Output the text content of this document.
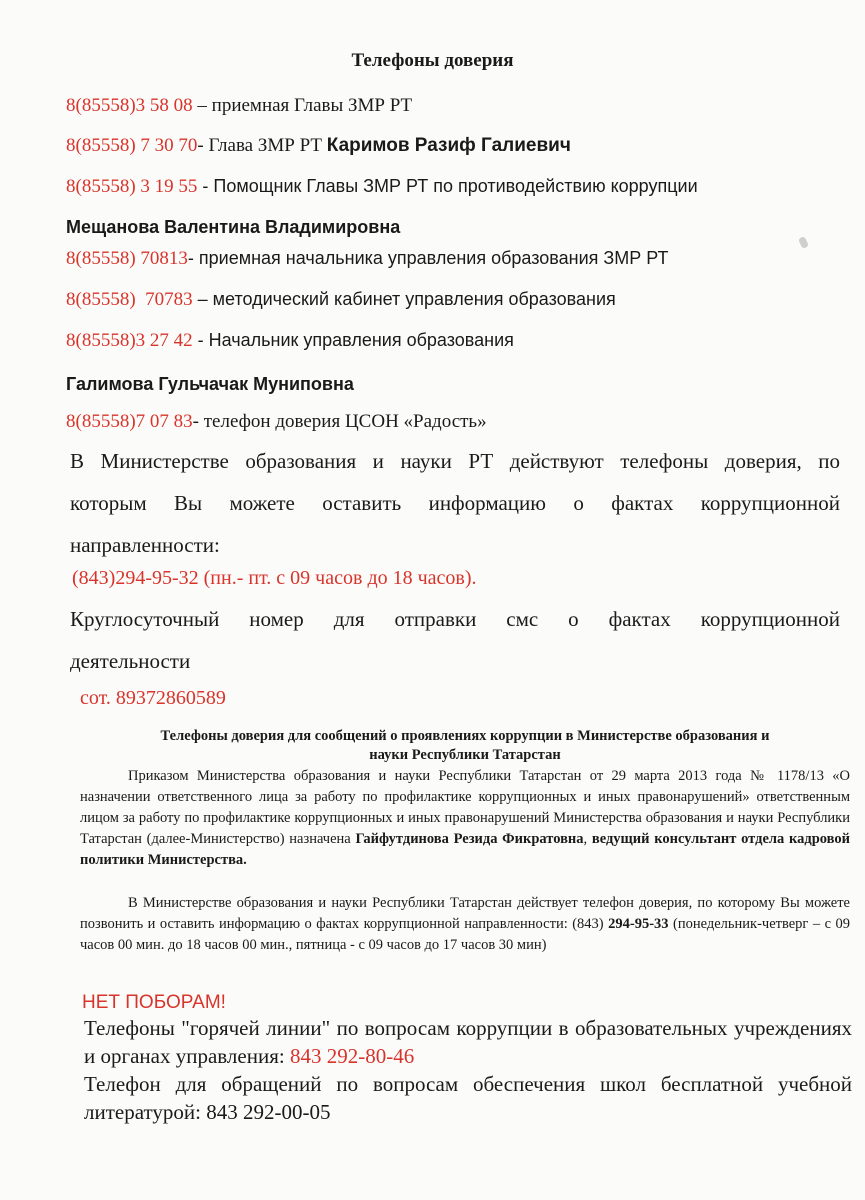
Телефоны доверия
8(85558)3 58 08 – приемная Главы ЗМР РТ
8(85558) 7 30 70- Глава ЗМР РТ Каримов Разиф Галиевич
8(85558) 3 19 55 - Помощник Главы ЗМР РТ по противодействию коррупции
Мещанова Валентина Владимировна
8(85558) 70813- приемная начальника управления образования ЗМР РТ
8(85558)  70783 – методический кабинет управления образования
8(85558)3 27 42 - Начальник управления образования
Галимова Гульчачак Муниповна
8(85558)7 07 83- телефон доверия ЦСОН «Радость»
В Министерстве образования и науки РТ действуют телефоны доверия, по
которым Вы можете оставить информацию о фактах коррупционной
направленности:
(843)294-95-32 (пн.- пт. с 09 часов до 18 часов).
Круглосуточный номер для отправки смс о фактах коррупционной
деятельности
сот. 89372860589
Телефоны доверия для сообщений о проявлениях коррупции в Министерстве образования и
науки Республики Татарстан

Приказом Министерства образования и науки Республики Татарстан от 29 марта 2013 года № 1178/13 «О назначении ответственного лица за работу по профилактике коррупционных и иных правонарушений» ответственным лицом за работу по профилактике коррупционных и иных правонарушений Министерства образования и науки Республики Татарстан (далее-Министерство) назначена Гайфутдинова Резида Фикратовна, ведущий консультант отдела кадровой политики Министерства.

В Министерстве образования и науки Республики Татарстан действует телефон доверия, по которому Вы можете позвонить и оставить информацию о фактах коррупционной направленности: (843) 294-95-33 (понедельник-четверг – с 09 часов 00 мин. до 18 часов 00 мин., пятница - с 09 часов до 17 часов 30 мин)

НЕТ ПОБОРАМ!

Телефоны "горячей линии" по вопросам коррупции в образовательных учреждениях и органах управления: 843 292-80-46

Телефон для обращений по вопросам обеспечения школ бесплатной учебной литературой: 843 292-00-05
